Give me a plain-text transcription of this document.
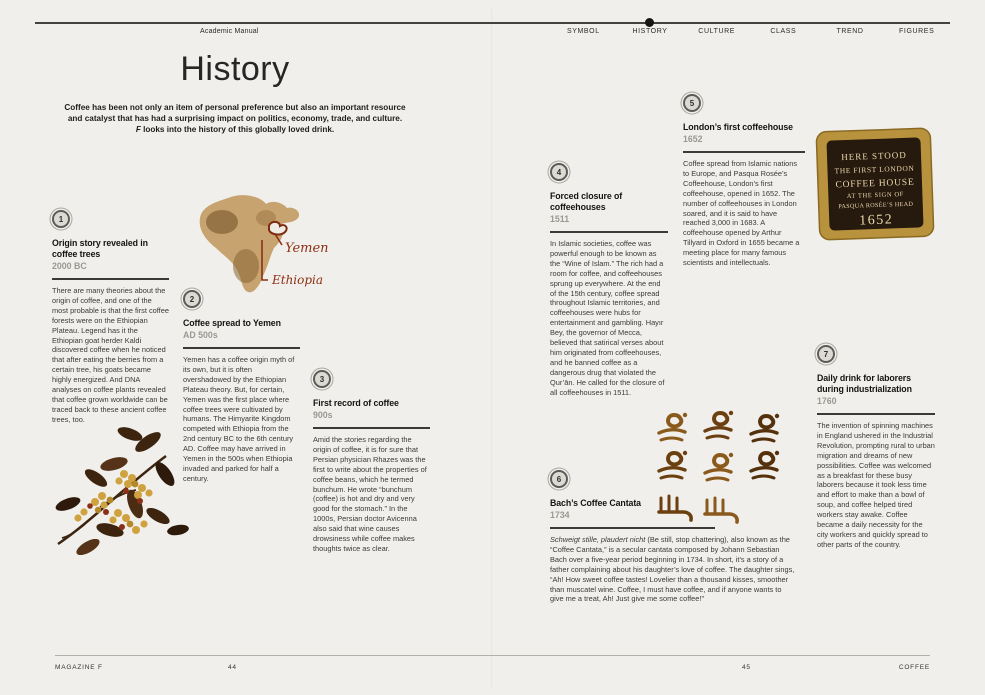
Academic Manual	SYMBOL	HISTORY	CULTURE	CLASS	TREND	FIGURES
History
Coffee has been not only an item of personal preference but also an important resource
and catalyst that has had a surprising impact on politics, economy, trade, and culture.
F looks into the history of this globally loved drink.
Yemen
Ethiopia
HERE STOOD
THE FIRST LONDON
COFFEE HOUSE
AT THE SIGN OF
PASQUA ROSÉE’S HEAD
1652
1
Origin story revealed in coffee trees
2000 BC
There are many theories about the origin of coffee, and one of the most probable is that the first coffee forests were on the Ethiopian Plateau. Legend has it the Ethiopian goat herder Kaldi discovered coffee when he noticed that after eating the berries from a certain tree, his goats became highly energized. And DNA analyses on coffee plants revealed that coffee grown worldwide can be traced back to these ancient coffee trees, too.
2
Coffee spread to Yemen
AD 500s
Yemen has a coffee origin myth of its own, but it is often overshadowed by the Ethiopian Plateau theory. But, for certain, Yemen was the first place where coffee trees were cultivated by humans. The Himyarite Kingdom competed with Ethiopia from the 2nd century BC to the 6th century AD. Coffee may have arrived in Yemen in the 500s when Ethiopia invaded and parked for half a century.
3
First record of coffee
900s
Amid the stories regarding the origin of coffee, it is for sure that Persian physician Rhazes was the first to write about the properties of coffee beans, which he termed bunchum. He wrote “bunchum (coffee) is hot and dry and very good for the stomach.” In the 1000s, Persian doctor Avicenna also said that wine causes drowsiness while coffee makes thoughts twice as clear.
4
Forced closure of coffeehouses
1511
In Islamic societies, coffee was powerful enough to be known as the “Wine of Islam.” The rich had a room for coffee, and coffeehouses sprung up everywhere. At the end of the 15th century, coffee spread throughout Islamic territories, and coffeehouses were hubs for entertainment and gambling. Hayır Bey, the governor of Mecca, believed that satirical verses about him originated from coffeehouses, and he banned coffee as a dangerous drug that violated the Qur’ān. He called for the closure of all coffeehouses in 1511.
5
London’s first coffeehouse
1652
Coffee spread from Islamic nations to Europe, and Pasqua Rosée’s Coffeehouse, London’s first coffeehouse, opened in 1652. The number of coffeehouses in London soared, and it is said to have reached 3,000 in 1683. A coffeehouse opened by Arthur Tillyard in Oxford in 1655 became a meeting place for many famous scientists and intellectuals.
6
Bach’s Coffee Cantata
1734
Schweigt stille, plaudert nicht (Be still, stop chattering), also known as the “Coffee Cantata,” is a secular cantata composed by Johann Sebastian Bach over a five-year period beginning in 1734. In short, it’s a story of a father complaining about his daughter’s love of coffee. The daughter sings, “Ah! How sweet coffee tastes! Lovelier than a thousand kisses, smoother than muscatel wine. Coffee, I must have coffee, and if anyone wants to give me a treat, Ah! Just give me some coffee!”
7
Daily drink for laborers during industrialization
1760
The invention of spinning machines in England ushered in the Industrial Revolution, prompting rural to urban migration and dreams of new possibilities. Coffee was welcomed as a breakfast for these busy laborers because it took less time and effort to make than a bowl of soup, and coffee helped tired workers stay awake. Coffee became a daily necessity for the city workers and quickly spread to other parts of the country.
MAGAZINE F	44	45	COFFEE
